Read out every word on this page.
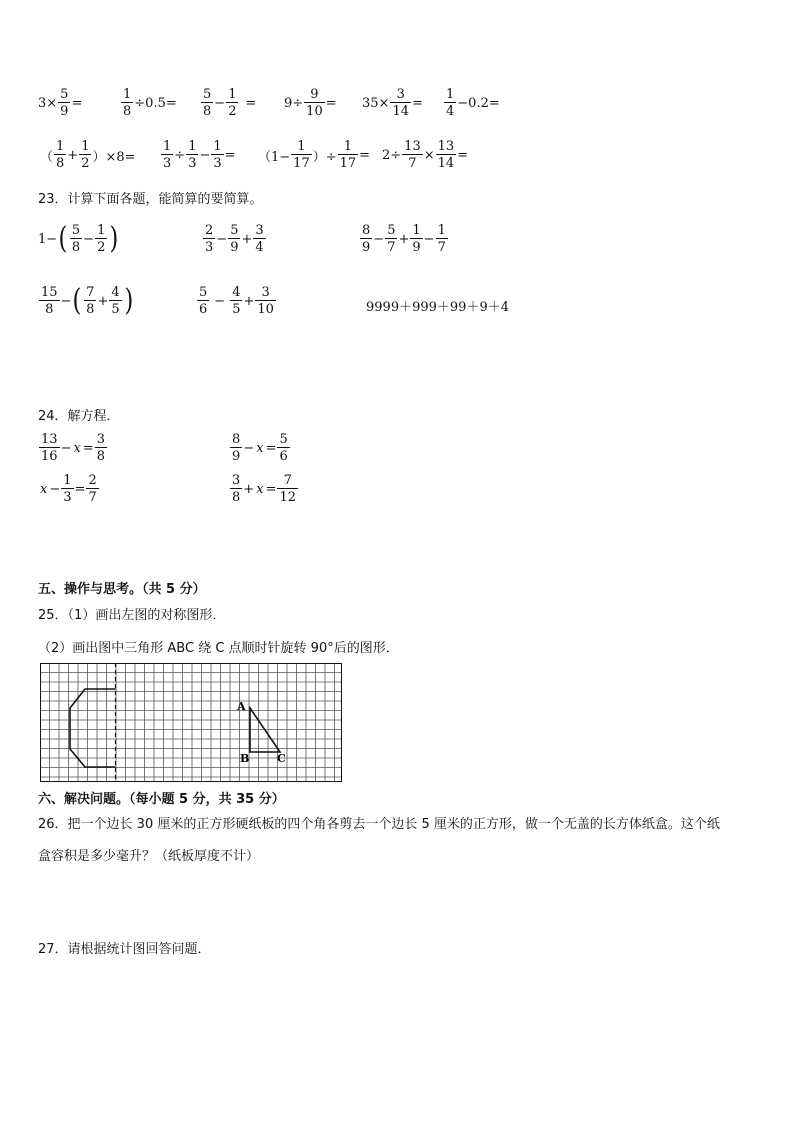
$3\times \frac{5}{9}$ =	$\frac{1}{8} \div 0.5= \frac{5}{8} - \frac{1}{2} = 9\div \frac{9}{10} = 35\times \frac{3}{14} = \frac{1}{4} -0.2=$
（ $\frac{1}{8} + \frac{1}{2} )\times 8= \frac{1}{3} \div \frac{1}{3} - \frac{1}{3} = (1- \frac{1}{17}$ ）÷ $\frac{1}{17} = 2\div \frac{13}{7} \times \frac{13}{14}$ =
23．计算下面各题，能简算的要简算。
1− ( $\frac{5}{8} - \frac{1}{2}$ )	$\frac{2}{3} - \frac{5}{9} + \frac{3}{4}$	$\frac{8}{9} - \frac{5}{7} + \frac{1}{9} - \frac{1}{7}$
$\frac{15}{8}$ − ( $\frac{7}{8} + \frac{4}{5}$ )	$\frac{5}{6} - \frac{4}{5} + \frac{3}{10}$	9999＋999＋99＋9＋4
24．解方程．
$\frac{13}{16} - x = \frac{3}{8}$	$\frac{8}{9} - x = \frac{5}{6}$
$x - \frac{1}{3} = \frac{2}{7}$	$\frac{3}{8} + x = \frac{7}{12}$
五、操作与思考。（共 5 分）
25．（1）画出左图的对称图形．
（2）画出图中三角形 ABC 绕 C 点顺时针旋转 90°后的图形．
A
B	C
六、解决问题。（每小题 5 分，共 35 分）
26．把一个边长 30 厘米的正方形硬纸板的四个角各剪去一个边长 5 厘米的正方形，做一个无盖的长方体纸盒。这个纸
盒容积是多少毫升？（纸板厚度不计）
27．请根据统计图回答问题．
